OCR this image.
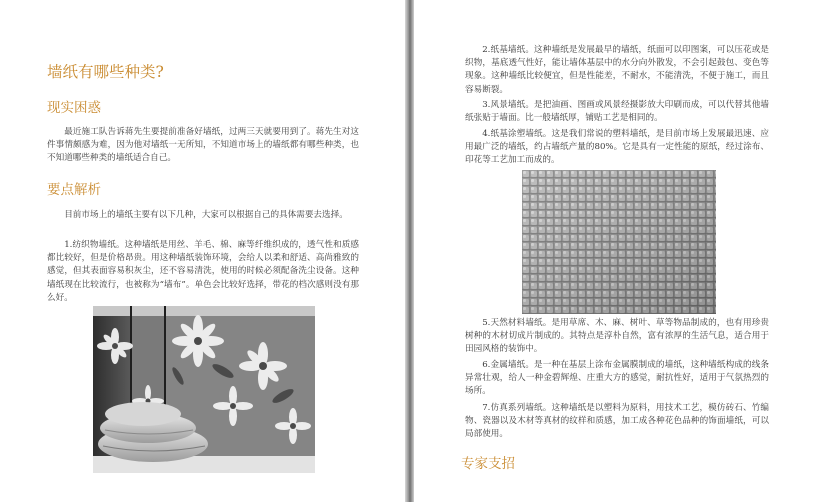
墙纸有哪些种类?
现实困惑

最近施工队告诉蒋先生要提前准备好墙纸，过两三天就要用到了。蒋先生对这件事情颇感为难，因为他对墙纸一无所知，不知道市场上的墙纸都有哪些种类，也不知道哪些种类的墙纸适合自己。

要点解析

目前市场上的墙纸主要有以下几种，大家可以根据自己的具体需要去选择。

1.纺织物墙纸。这种墙纸是用丝、羊毛、棉、麻等纤维织成的，透气性和质感都比较好，但是价格昂贵。用这种墙纸装饰环境，会给人以柔和舒适、高尚雅致的感觉，但其表面容易积灰尘，还不容易清洗，使用的时候必须配备洗尘设备。这种墙纸现在比较流行，也被称为“墙布”。单色会比较好选择，带花的档次感则没有那么好。

2.纸基墙纸。这种墙纸是发展最早的墙纸，纸面可以印图案，可以压花或是织物，基底透气性好，能让墙体基层中的水分向外散发，不会引起鼓包、变色等现象。这种墙纸比较便宜，但是性能差，不耐水，不能清洗，不便于施工，而且容易断裂。

3.风景墙纸。是把油画、图画或风景经摄影放大印刷而成，可以代替其他墙纸张贴于墙面。比一般墙纸厚，铺贴工艺是相同的。

4.纸基涂塑墙纸。这是我们常说的塑料墙纸，是目前市场上发展最迅速、应用最广泛的墙纸，约占墙纸产量的80%。它是具有一定性能的原纸，经过涂布、印花等工艺加工而成的。

5.天然材料墙纸。是用草席、木、麻、树叶、草等物品制成的，也有用珍贵树种的木材切成片制成的。其特点是淳朴自然，富有浓厚的生活气息，适合用于田园风格的装饰中。

6.金属墙纸。是一种在基层上涂布金属膜制成的墙纸，这种墙纸构成的线条异常壮观，给人一种金碧辉煌、庄重大方的感觉，耐抗性好，适用于气氛热烈的场所。

7.仿真系列墙纸。这种墙纸是以塑料为原料，用技术工艺，模仿砖石、竹编物、瓷器以及木材等真材的纹样和质感，加工成各种花色品种的饰面墙纸，可以局部使用。

专家支招
